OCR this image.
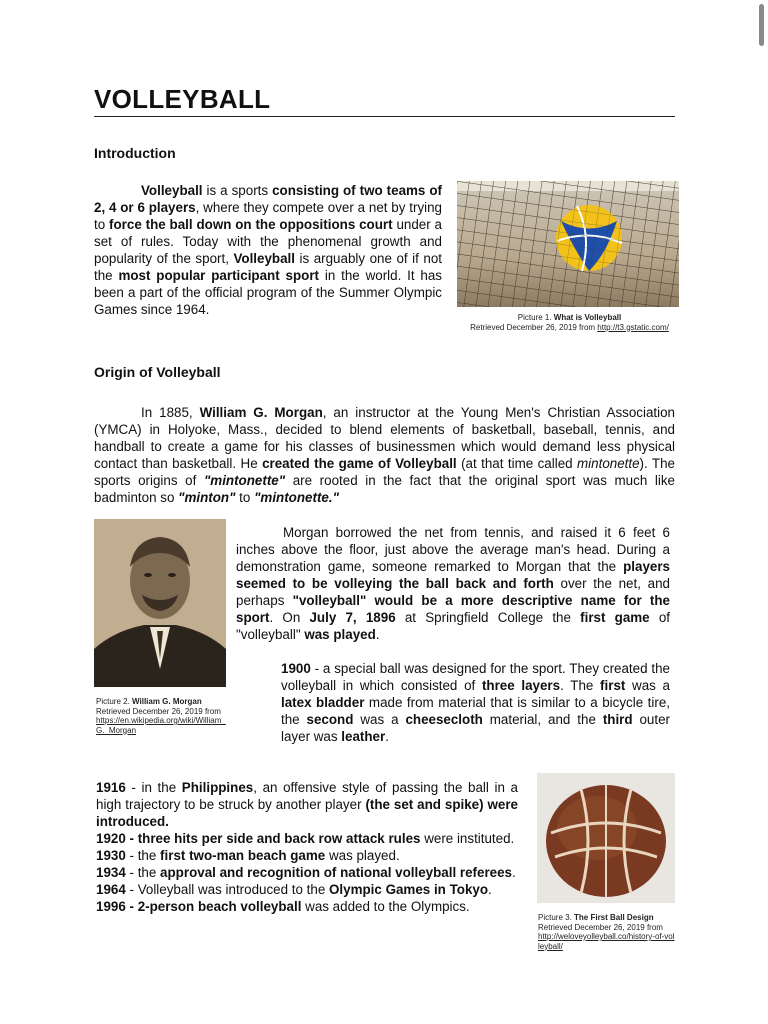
VOLLEYBALL
Introduction

Volleyball is a sports consisting of two teams of 2, 4 or 6 players, where they compete over a net by trying to force the ball down on the oppositions court under a set of rules. Today with the phenomenal growth and popularity of the sport, Volleyball is arguably one of if not the most popular participant sport in the world. It has been a part of the official program of the Summer Olympic Games since 1964.

Picture 1. What is Volleyball
Retrieved December 26, 2019 from http://t3.gstatic.com/
Origin of Volleyball

In 1885, William G. Morgan, an instructor at the Young Men's Christian Association (YMCA) in Holyoke, Mass., decided to blend elements of basketball, baseball, tennis, and handball to create a game for his classes of businessmen which would demand less physical contact than basketball. He created the game of Volleyball (at that time called mintonette). The sports origins of "mintonette" are rooted in the fact that the original sport was much like badminton so "minton" to "mintonette."

Picture 2. William G. Morgan
Retrieved December 26, 2019 from
https://en.wikipedia.org/wiki/William_G._Morgan

Morgan borrowed the net from tennis, and raised it 6 feet 6 inches above the floor, just above the average man's head. During a demonstration game, someone remarked to Morgan that the players seemed to be volleying the ball back and forth over the net, and perhaps "volleyball" would be a more descriptive name for the sport. On July 7, 1896 at Springfield College the first game of "volleyball" was played.

1900 - a special ball was designed for the sport. They created the volleyball in which consisted of three layers. The first was a latex bladder made from material that is similar to a bicycle tire, the second was a cheesecloth material, and the third outer layer was leather.

1916 - in the Philippines, an offensive style of passing the ball in a high trajectory to be struck by another player (the set and spike) were introduced.

1920 - three hits per side and back row attack rules were instituted.

1930 - the first two-man beach game was played.

1934 - the approval and recognition of national volleyball referees.

1964 - Volleyball was introduced to the Olympic Games in Tokyo.

1996 - 2-person beach volleyball was added to the Olympics.

Picture 3. The First Ball Design
Retrieved December 26, 2019 from
http://weloveyolleyball.co/history-of-volleyball/
